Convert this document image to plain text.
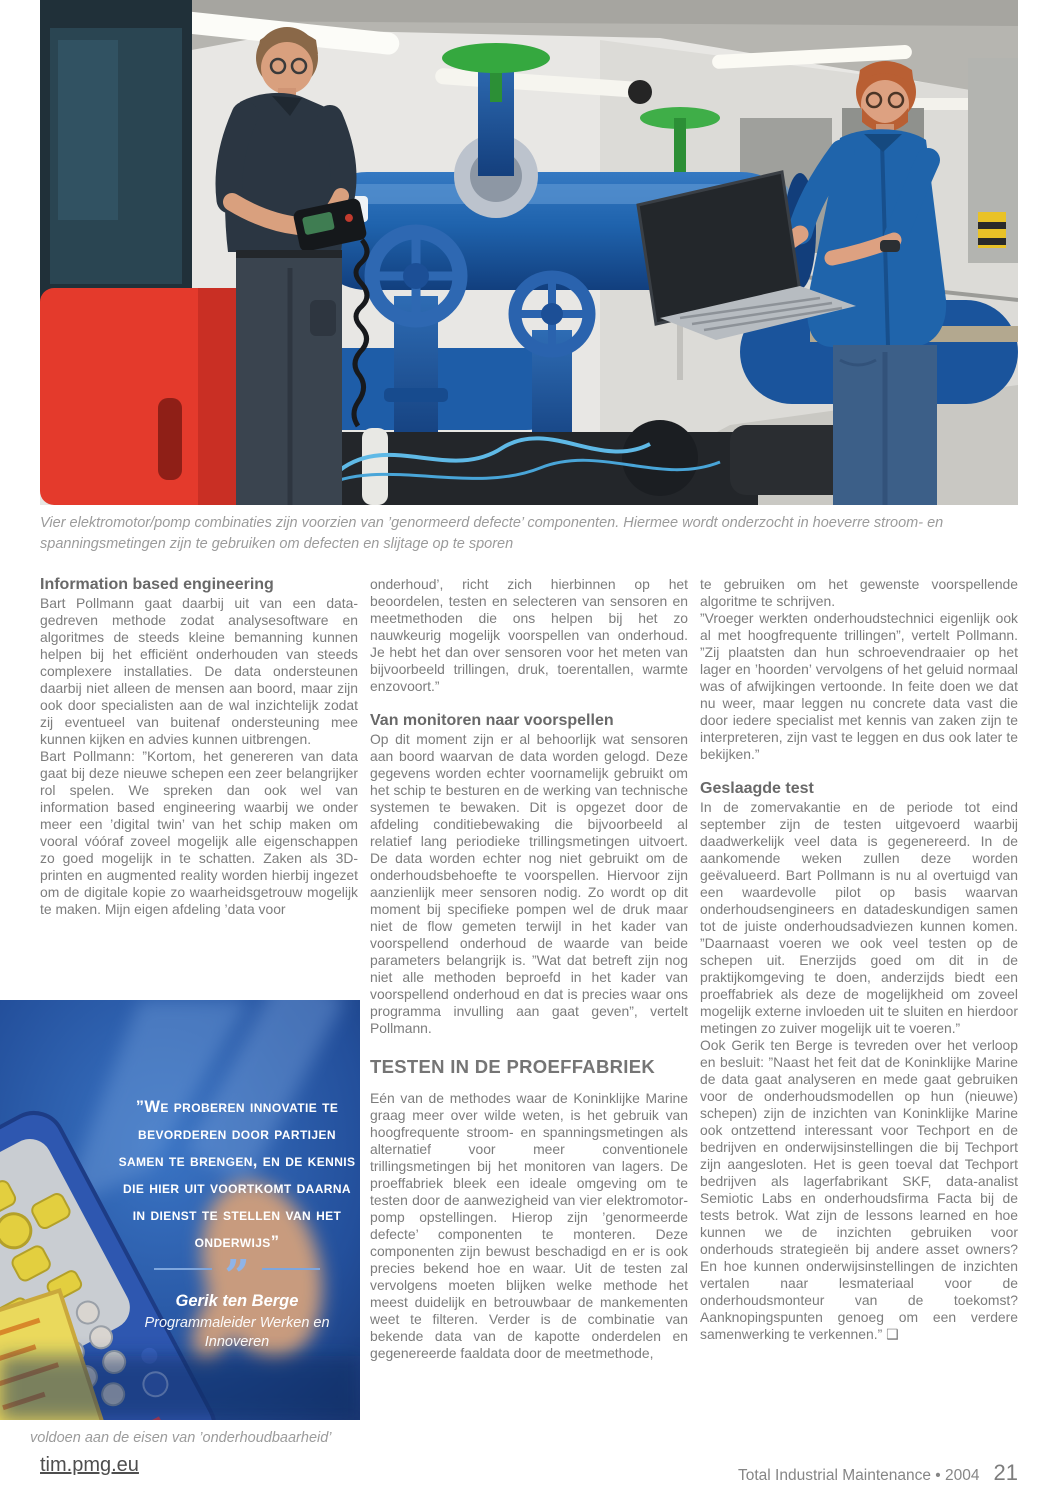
Vier elektromotor/pomp combinaties zijn voorzien van ’genormeerd defecte’ componenten. Hiermee wordt onderzocht in hoeverre stroom- en spanningsmetingen zijn te gebruiken om defecten en slijtage op te sporen
Information based engineering

Bart Pollmann gaat daarbij uit van een data-gedreven methode zodat analysesoftware en algoritmes de steeds kleine bemanning kunnen helpen bij het efficiënt onderhouden van steeds complexere installaties. De data ondersteunen daarbij niet alleen de mensen aan boord, maar zijn ook door specialisten aan de wal inzichtelijk zodat zij eventueel van buitenaf ondersteuning mee kunnen kijken en advies kunnen uitbrengen.

Bart Pollmann: ”Kortom, het genereren van data gaat bij deze nieuwe schepen een zeer belangrijker rol spelen. We spreken dan ook wel van information based engineering waarbij we onder meer een ’digital twin’ van het schip maken om vooral vóóraf zoveel mogelijk alle eigenschappen zo goed mogelijk in te schatten. Zaken als 3D-printen en augmented reality worden hierbij ingezet om de digitale kopie zo waarheidsgetrouw mogelijk te maken. Mijn eigen afdeling ’data voor

onderhoud’, richt zich hierbinnen op het beoordelen, testen en selecteren van sensoren en meetmethoden die ons helpen bij het zo nauwkeurig mogelijk voorspellen van onderhoud. Je hebt het dan over sensoren voor het meten van bijvoorbeeld trillingen, druk, toerentallen, warmte enzovoort.”

Van monitoren naar voorspellen

Op dit moment zijn er al behoorlijk wat sensoren aan boord waarvan de data worden gelogd. Deze gegevens worden echter voornamelijk gebruikt om het schip te besturen en de werking van technische systemen te bewaken. Dit is opgezet door de afdeling conditiebewaking die bijvoorbeeld al relatief lang periodieke trillingsmetingen uitvoert. De data worden echter nog niet gebruikt om de onderhoudsbehoefte te voorspellen. Hiervoor zijn aanzienlijk meer sensoren nodig. Zo wordt op dit moment bij specifieke pompen wel de druk maar niet de flow gemeten terwijl in het kader van voorspellend onderhoud de waarde van beide parameters belangrijk is. ”Wat dat betreft zijn nog niet alle methoden beproefd in het kader van voorspellend onderhoud en dat is precies waar ons programma invulling aan gaat geven”, vertelt Pollmann.

TESTEN IN DE PROEFFABRIEK

Eén van de methodes waar de Koninklijke Marine graag meer over wilde weten, is het gebruik van hoogfrequente stroom- en spanningsmetingen als alternatief voor meer conventionele trillingsmetingen bij het monitoren van lagers. De proeffabriek bleek een ideale omgeving om te testen door de aanwezigheid van vier elektromotor-pomp opstellingen. Hierop zijn ’genormeerde defecte’ componenten te monteren. Deze componenten zijn bewust beschadigd en er is ook precies bekend hoe en waar. Uit de testen zal vervolgens moeten blijken welke methode het meest duidelijk en betrouwbaar de mankementen weet te filteren. Verder is de combinatie van bekende data van de kapotte onderdelen en gegenereerde faaldata door de meetmethode,

te gebruiken om het gewenste voorspellende algoritme te schrijven.

”Vroeger werkten onderhoudstechnici eigenlijk ook al met hoogfrequente trillingen”, vertelt Pollmann. ”Zij plaatsten dan hun schroevendraaier op het lager en ’hoorden’ vervolgens of het geluid normaal was of afwijkingen vertoonde. In feite doen we dat nu weer, maar leggen nu concrete data vast die door iedere specialist met kennis van zaken zijn te interpreteren, zijn vast te leggen en dus ook later te bekijken.”

Geslaagde test

In de zomervakantie en de periode tot eind september zijn de testen uitgevoerd waarbij daadwerkelijk veel data is gegenereerd. In de aankomende weken zullen deze worden geëvalueerd. Bart Pollmann is nu al overtuigd van een waardevolle pilot op basis waarvan onderhoudsengineers en datadeskundigen samen tot de juiste onderhoudsadviezen kunnen komen. ”Daarnaast voeren we ook veel testen op de schepen uit. Enerzijds goed om dit in de praktijkomgeving te doen, anderzijds biedt een proeffabriek als deze de mogelijkheid om zoveel mogelijk externe invloeden uit te sluiten en hierdoor metingen zo zuiver mogelijk uit te voeren.”

Ook Gerik ten Berge is tevreden over het verloop en besluit: ”Naast het feit dat de Koninklijke Marine de data gaat analyseren en mede gaat gebruiken voor de onderhoudsmodellen op hun (nieuwe) schepen) zijn de inzichten van Koninklijke Marine ook ontzettend interessant voor Techport en de bedrijven en onderwijsinstellingen die bij Techport zijn aangesloten. Het is geen toeval dat Techport bedrijven als lagerfabrikant SKF, data-analist Semiotic Labs en onderhoudsfirma Facta bij de tests betrok. Wat zijn de lessons learned en hoe kunnen we de inzichten gebruiken voor onderhouds strategieën bij andere asset owners? En hoe kunnen onderwijsinstellingen de inzichten vertalen naar lesmateriaal voor de onderhoudsmonteur van de toekomst? Aanknopingspunten genoeg om een verdere samenwerking te verkennen.” ❑

”We proberen innovatie te bevorderen door partijen samen te brengen, en de kennis die hier uit voortkomt daarna in dienst te stellen van het onderwijs”
”
Gerik ten Berge
Programmaleider Werken en Innoveren
voldoen aan de eisen van ’onderhoudbaarheid’
tim.pmg.eu	Total Industrial Maintenance • 2004 21
